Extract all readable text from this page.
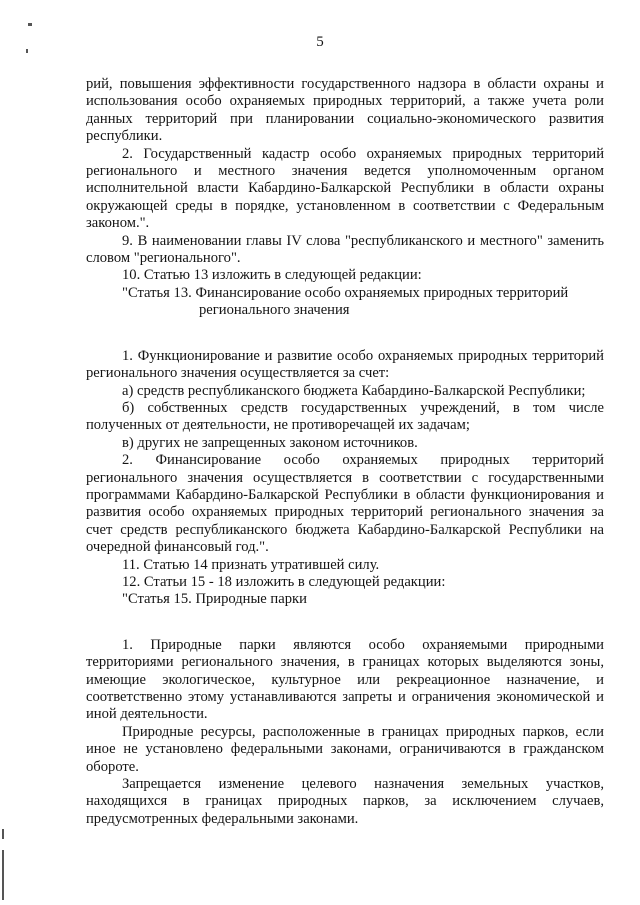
5

рий, повышения эффективности государственного надзора в области охраны и использования особо охраняемых природных территорий, а также учета роли данных территорий при планировании социально-экономического развития республики.

2. Государственный кадастр особо охраняемых природных территорий регионального и местного значения ведется уполномоченным органом исполнительной власти Кабардино-Балкарской Республики в области охраны окружающей среды в порядке, установленном в соответствии с Федеральным законом.".

9. В наименовании главы IV слова "республиканского и местного" заменить словом "регионального".

10. Статью 13 изложить в следующей редакции:

"Статья 13. Финансирование особо охраняемых природных территорий
регионального значения

1. Функционирование и развитие особо охраняемых природных территорий регионального значения осуществляется за счет:

а) средств республиканского бюджета Кабардино-Балкарской Республики;

б) собственных средств государственных учреждений, в том числе полученных от деятельности, не противоречащей их задачам;

в) других не запрещенных законом источников.

2. Финансирование особо охраняемых природных территорий регионального значения осуществляется в соответствии с государственными программами Кабардино-Балкарской Республики в области функционирования и развития особо охраняемых природных территорий регионального значения за счет средств республиканского бюджета Кабардино-Балкарской Республики на очередной финансовый год.".

11. Статью 14 признать утратившей силу.

12. Статьи 15 - 18 изложить в следующей редакции:

"Статья 15. Природные парки

1. Природные парки являются особо охраняемыми природными территориями регионального значения, в границах которых выделяются зоны, имеющие экологическое, культурное или рекреационное назначение, и соответственно этому устанавливаются запреты и ограничения экономической и иной деятельности.

Природные ресурсы, расположенные в границах природных парков, если иное не установлено федеральными законами, ограничиваются в гражданском обороте.

Запрещается изменение целевого назначения земельных участков, находящихся в границах природных парков, за исключением случаев, предусмотренных федеральными законами.
